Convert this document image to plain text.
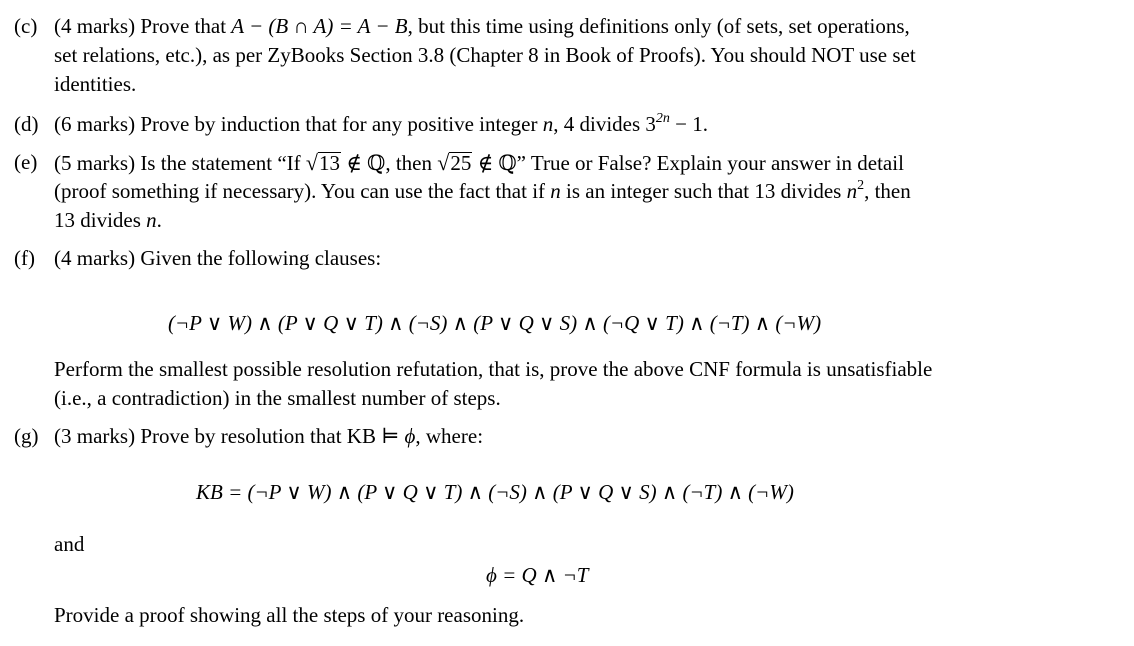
(c) (4 marks) Prove that A − (B ∩ A) = A − B, but this time using definitions only (of sets, set operations,
set relations, etc.), as per ZyBooks Section 3.8 (Chapter 8 in Book of Proofs). You should NOT use set
identities.
(d) (6 marks) Prove by induction that for any positive integer n, 4 divides $3^{2n} - 1$.
(e) (5 marks) Is the statement “If √13 ∉ ℚ, then √25 ∉ ℚ” True or False? Explain your answer in detail
(proof something if necessary). You can use the fact that if n is an integer such that 13 divides $n^2$, then
13 divides n.
(f) (4 marks) Given the following clauses:
(¬P ∨ W) ∧ (P ∨ Q ∨ T) ∧ (¬S) ∧ (P ∨ Q ∨ S) ∧ (¬Q ∨ T) ∧ (¬T) ∧ (¬W)
Perform the smallest possible resolution refutation, that is, prove the above CNF formula is unsatisfiable
(i.e., a contradiction) in the smallest number of steps.
(g) (3 marks) Prove by resolution that KB ⊨ ϕ, where:
KB = (¬P ∨ W) ∧ (P ∨ Q ∨ T) ∧ (¬S) ∧ (P ∨ Q ∨ S) ∧ (¬T) ∧ (¬W)
and
ϕ = Q ∧ ¬T
Provide a proof showing all the steps of your reasoning.
